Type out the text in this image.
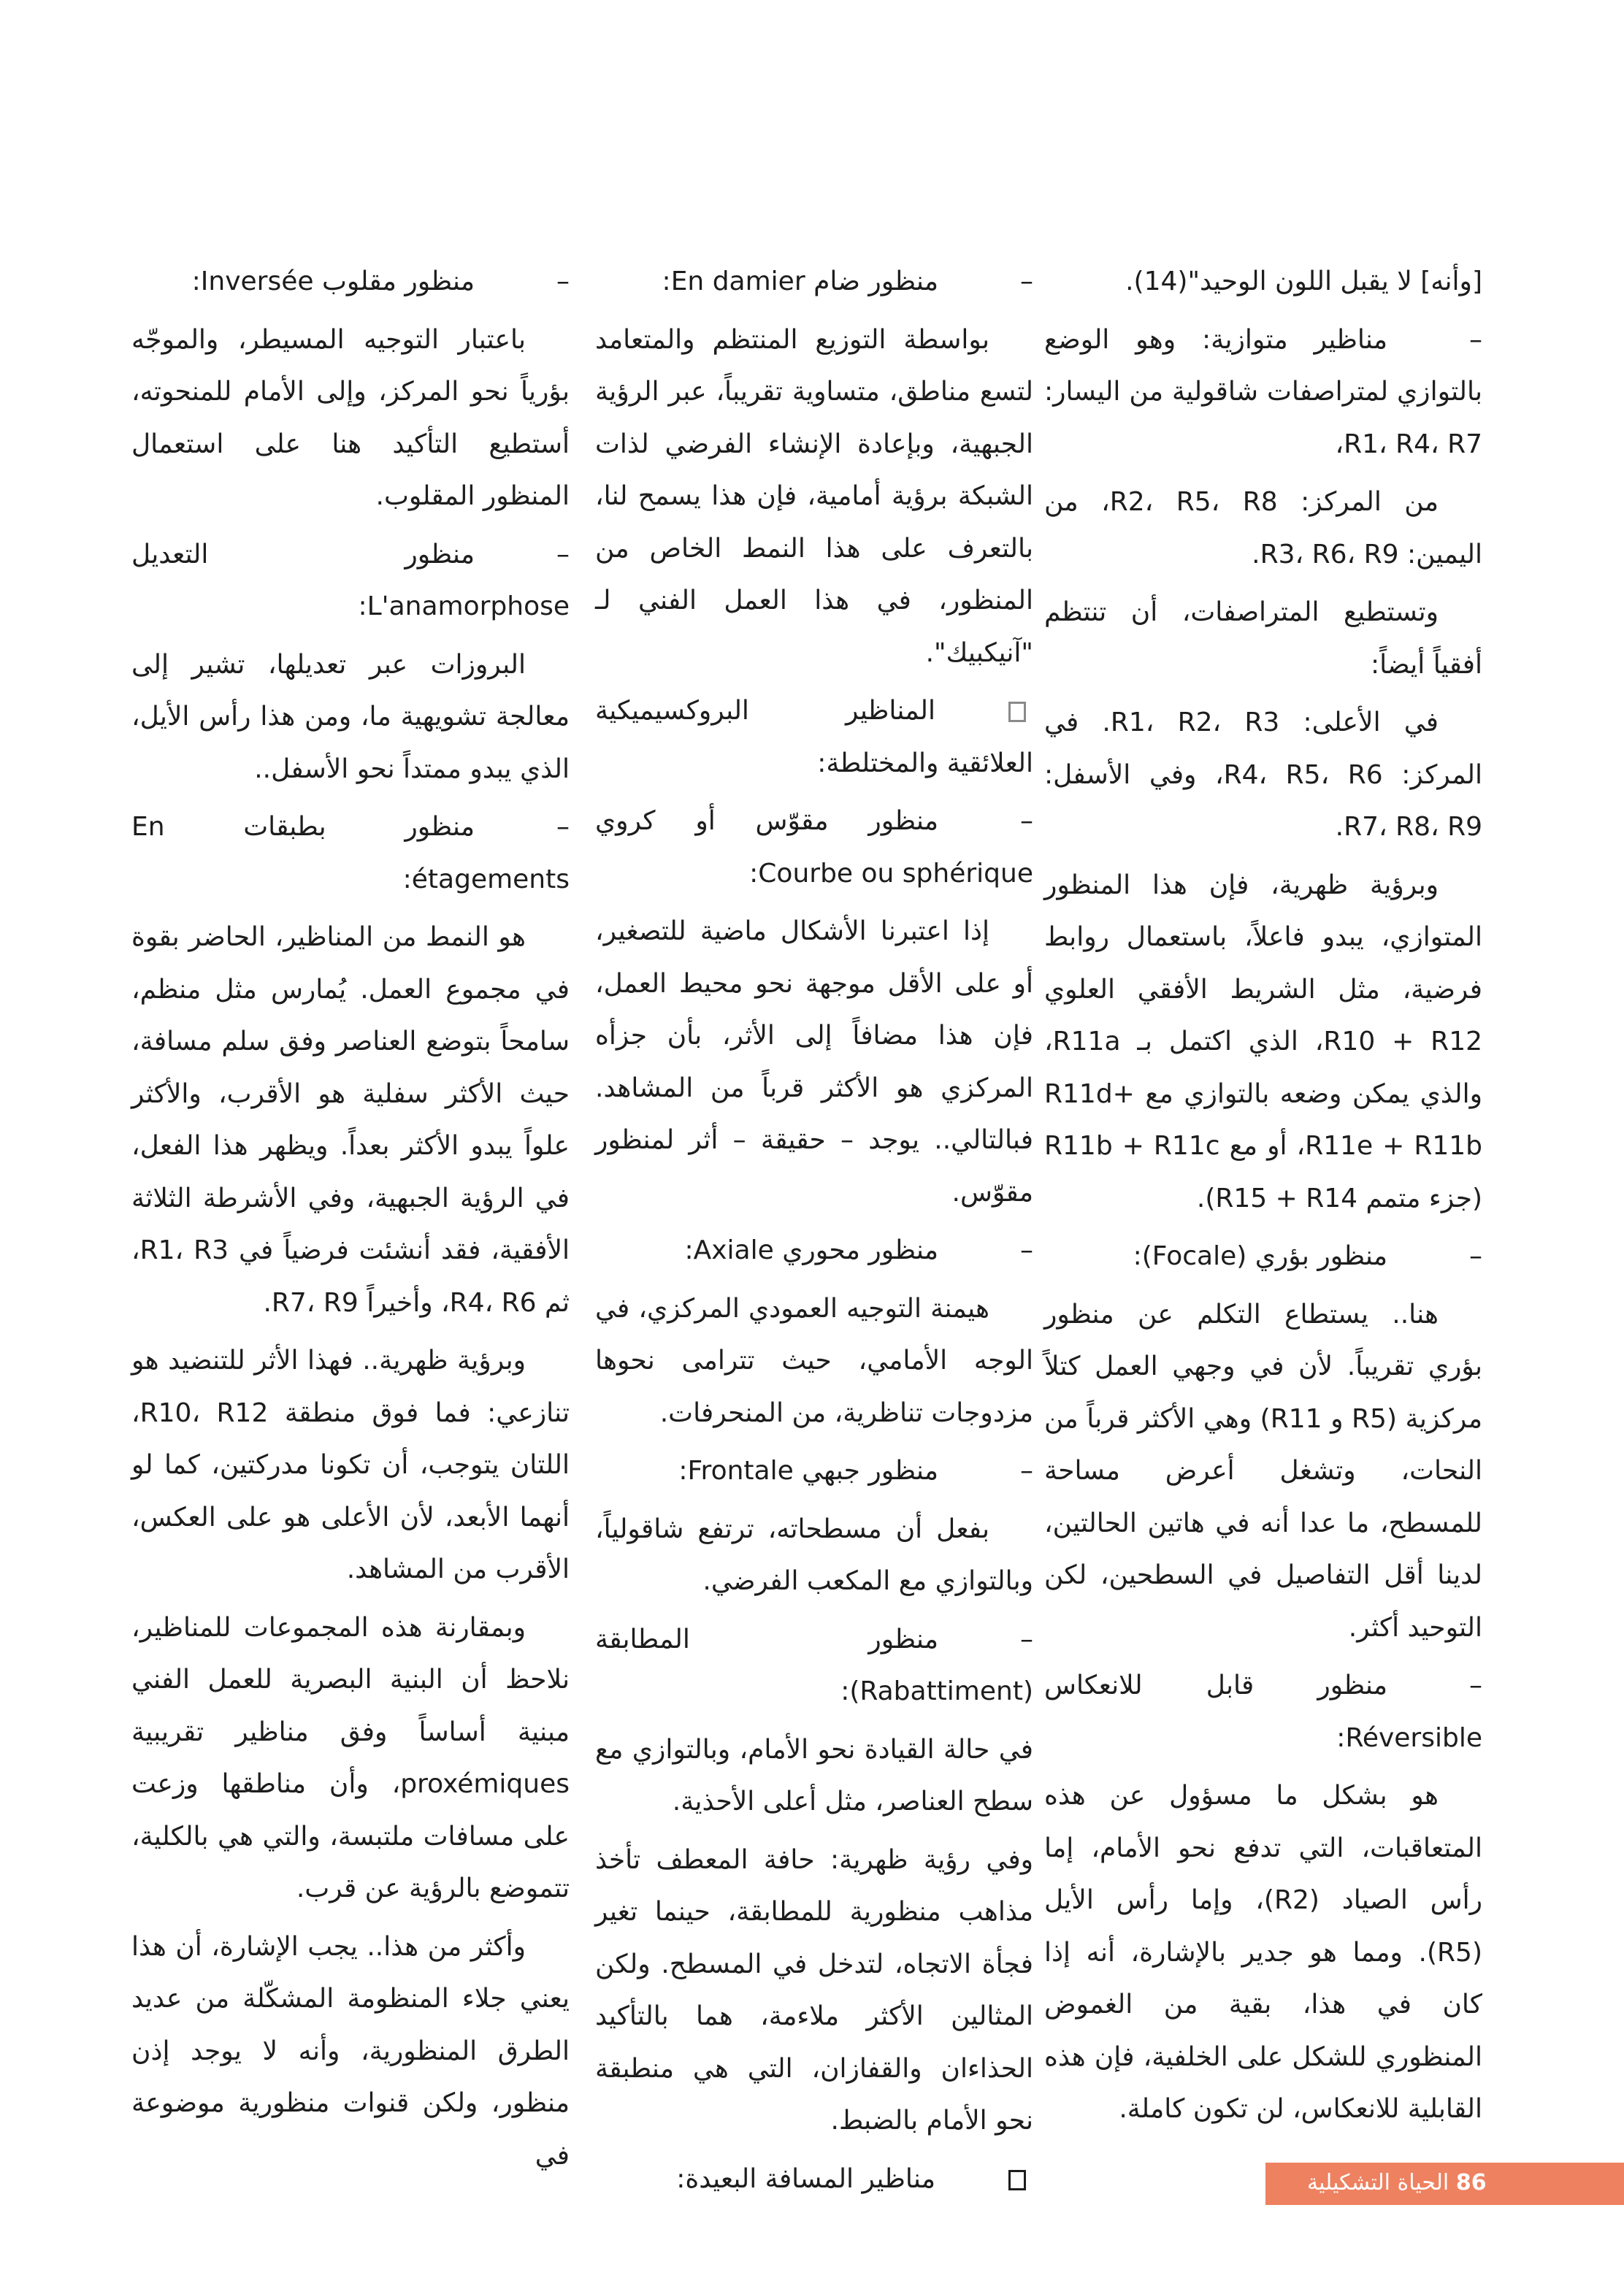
[وأنه] لا يقبل اللون الوحيد"(14).

–مناظير متوازية: وهو الوضع بالتوازي لمتراصفات شاقولية من اليسار: R1، R4، R7،

من المركز: R2، R5، R8، من اليمين: R3، R6، R9.

وتستطيع المتراصفات، أن تنتظم أفقياً أيضاً:

في الأعلى: R1، R2، R3. في المركز: R4، R5، R6، وفي الأسفل: R7، R8، R9.

وبرؤية ظهرية، فإن هذا المنظور المتوازي، يبدو فاعلاً، باستعمال روابط فرضية، مثل الشريط الأفقي العلوي R10 + R12، الذي اكتمل بـ R11a، والذي يمكن وضعه بالتوازي مع R11d+ R11e + R11b، أو مع R11b + R11c (جزء متمم R15 + R14).

–منظور بؤري (Focale):

هنا.. يستطاع التكلم عن منظور بؤري تقريباً. لأن في وجهي العمل كتلاً مركزية (R5 و R11) وهي الأكثر قرباً من النحات، وتشغل أعرض مساحة للمسطح، ما عدا أنه في هاتين الحالتين، لدينا أقل التفاصيل في السطحين، لكن التوحيد أكثر.

–منظور قابل للانعكاس Réversible:

هو بشكل ما مسؤول عن هذه المتعاقبات، التي تدفع نحو الأمام، إما رأس الصياد (R2)، وإما رأس الأيل (R5). ومما هو جدير بالإشارة، أنه إذا كان في هذا، بقية من الغموض المنظوري للشكل على الخلفية، فإن هذه القابلية للانعكاس، لن تكون كاملة.

–منظور ضام En damier:

بواسطة التوزيع المنتظم والمتعامد لتسع مناطق، متساوية تقريباً، عبر الرؤية الجبهية، وبإعادة الإنشاء الفرضي لذات الشبكة برؤية أمامية، فإن هذا يسمح لنا، بالتعرف على هذا النمط الخاص من المنظور، في هذا العمل الفني لـ "آنيكبيك".

المناظير البروكسيميكية العلائقية والمختلطة:

–منظور مقوّس أو كروي Courbe ou sphérique:

إذا اعتبرنا الأشكال ماضية للتصغير، أو على الأقل موجهة نحو محيط العمل، فإن هذا مضافاً إلى الأثر، بأن جزأه المركزي هو الأكثر قرباً من المشاهد. فبالتالي.. يوجد – حقيقة – أثر لمنظور مقوّس.

–منظور محوري Axiale:

هيمنة التوجيه العمودي المركزي، في الوجه الأمامي، حيث تترامى نحوها مزدوجات تناظرية، من المنحرفات.

–منظور جبهي Frontale:

بفعل أن مسطحاته، ترتفع شاقولياً، وبالتوازي مع المكعب الفرضي.

–منظور المطابقة (Rabattiment):

في حالة القيادة نحو الأمام، وبالتوازي مع سطح العناصر، مثل أعلى الأحذية.

وفي رؤية ظهرية: حافة المعطف تأخذ مذاهب منظورية للمطابقة، حينما تغير فجأة الاتجاه، لتدخل في المسطح. ولكن المثالين الأكثر ملاءمة، هما بالتأكيد الحذاءان والقفازان، التي هي منطبقة نحو الأمام بالضبط.

مناظير المسافة البعيدة:

–منظور مقلوب Inversée:

باعتبار التوجيه المسيطر، والموجّه بؤرياً نحو المركز، وإلى الأمام للمنحوته، أستطيع التأكيد هنا على استعمال المنظور المقلوب.

–منظور التعديل L'anamorphose:

البروزات عبر تعديلها، تشير إلى معالجة تشويهية ما، ومن هذا رأس الأيل، الذي يبدو ممتداً نحو الأسفل..

–منظور بطبقات En étagements:

هو النمط من المناظير، الحاضر بقوة في مجموع العمل. يُمارس مثل منظم، سامحاً بتوضع العناصر وفق سلم مسافة، حيث الأكثر سفلية هو الأقرب، والأكثر علواً يبدو الأكثر بعداً. ويظهر هذا الفعل، في الرؤية الجبهية، وفي الأشرطة الثلاثة الأفقية، فقد أنشئت فرضياً في R1، R3، ثم R4، R6، وأخيراً R7، R9.

وبرؤية ظهرية.. فهذا الأثر للتنضيد هو تنازعي: فما فوق منطقة R10، R12، اللتان يتوجب، أن تكونا مدركتين، كما لو أنهما الأبعد، لأن الأعلى هو على العكس، الأقرب من المشاهد.

وبمقارنة هذه المجموعات للمناظير، نلاحظ أن البنية البصرية للعمل الفني مبنية أساساً وفق مناظير تقريبية proxémiques، وأن مناطقها وزعت على مسافات ملتبسة، والتي هي بالكلية، تتموضع بالرؤية عن قرب.

وأكثر من هذا.. يجب الإشارة، أن هذا يعني جلاء المنظومة المشكّلة من عديد الطرق المنظورية، وأنه لا يوجد إذن منظور، ولكن قنوات منظورية موضوعة في

86 الحياة التشكيلية
